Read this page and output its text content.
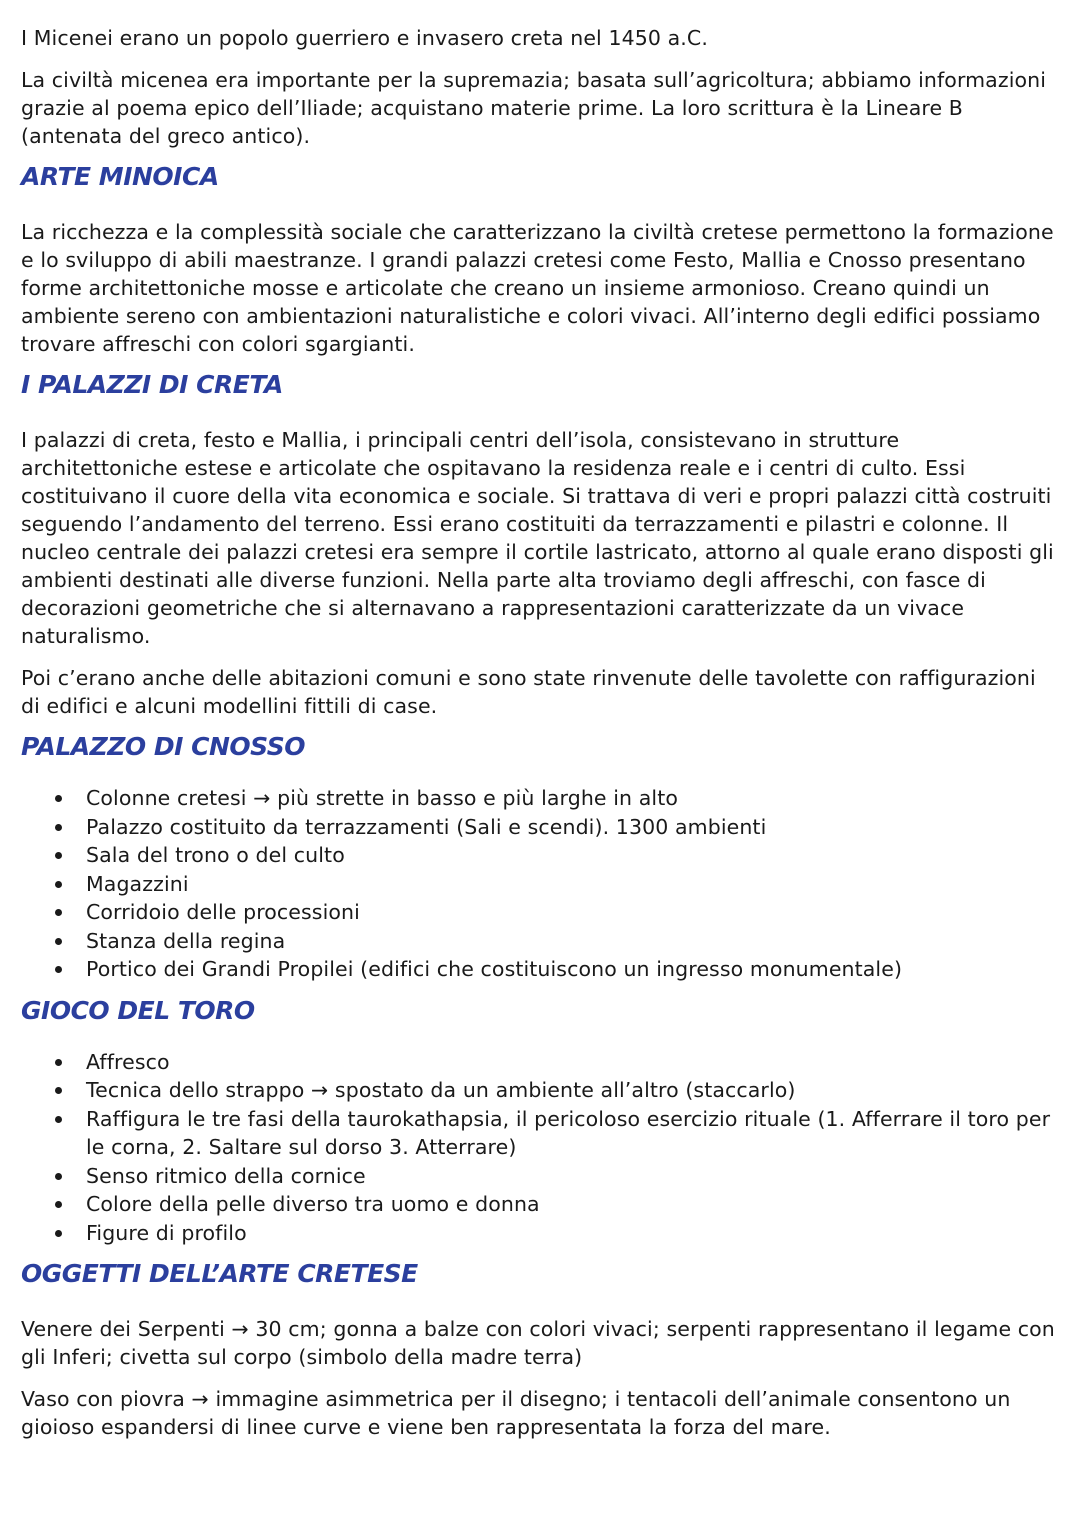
I Micenei erano un popolo guerriero e invasero creta nel 1450 a.C.

La civiltà micenea era importante per la supremazia; basata sull’agricoltura; abbiamo informazioni grazie al poema epico dell’Iliade; acquistano materie prime. La loro scrittura è la Lineare B (antenata del greco antico).

ARTE MINOICA

La ricchezza e la complessità sociale che caratterizzano la civiltà cretese permettono la formazione e lo sviluppo di abili maestranze. I grandi palazzi cretesi come Festo, Mallia e Cnosso presentano forme architettoniche mosse e articolate che creano un insieme armonioso. Creano quindi un ambiente sereno con ambientazioni naturalistiche e colori vivaci. All’interno degli edifici possiamo trovare affreschi con colori sgargianti.

I PALAZZI DI CRETA

I palazzi di creta, festo e Mallia, i principali centri dell’isola, consistevano in strutture architettoniche estese e articolate che ospitavano la residenza reale e i centri di culto. Essi costituivano il cuore della vita economica e sociale. Si trattava di veri e propri palazzi città costruiti seguendo l’andamento del terreno. Essi erano costituiti da terrazzamenti e pilastri e colonne. Il nucleo centrale dei palazzi cretesi era sempre il cortile lastricato, attorno al quale erano disposti gli ambienti destinati alle diverse funzioni. Nella parte alta troviamo degli affreschi, con fasce di decorazioni geometriche che si alternavano a rappresentazioni caratterizzate da un vivace naturalismo.

Poi c’erano anche delle abitazioni comuni e sono state rinvenute delle tavolette con raffigurazioni di edifici e alcuni modellini fittili di case.

PALAZZO DI CNOSSO
Colonne cretesi → più strette in basso e più larghe in alto
Palazzo costituito da terrazzamenti (Sali e scendi). 1300 ambienti
Sala del trono o del culto
Magazzini
Corridoio delle processioni
Stanza della regina
Portico dei Grandi Propilei (edifici che costituiscono un ingresso monumentale)
GIOCO DEL TORO
Affresco
Tecnica dello strappo → spostato da un ambiente all’altro (staccarlo)
Raffigura le tre fasi della taurokathapsia, il pericoloso esercizio rituale (1. Afferrare il toro per le corna, 2. Saltare sul dorso 3. Atterrare)
Senso ritmico della cornice
Colore della pelle diverso tra uomo e donna
Figure di profilo
OGGETTI DELL’ARTE CRETESE

Venere dei Serpenti → 30 cm; gonna a balze con colori vivaci; serpenti rappresentano il legame con gli Inferi; civetta sul corpo (simbolo della madre terra)

Vaso con piovra → immagine asimmetrica per il disegno; i tentacoli dell’animale consentono un gioioso espandersi di linee curve e viene ben rappresentata la forza del mare.
